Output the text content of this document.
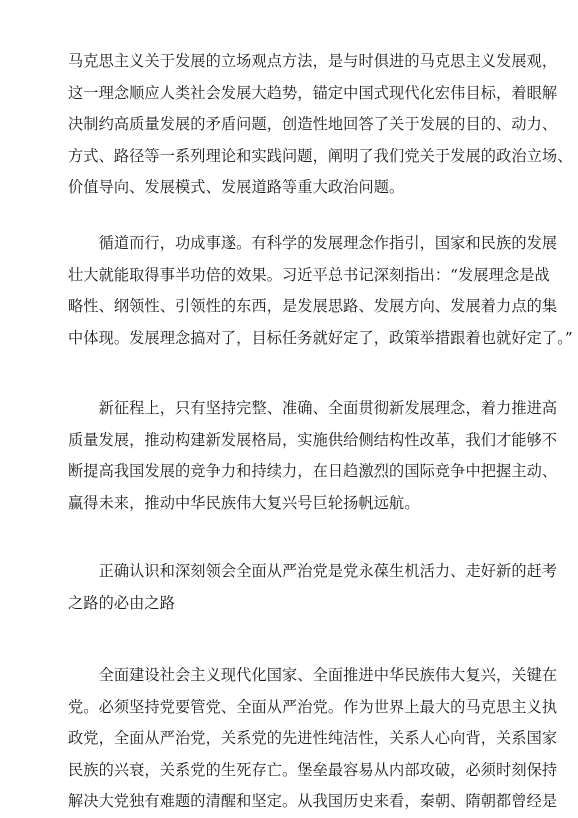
马克思主义关于发展的立场观点方法，是与时俱进的马克思主义发展观，
这一理念顺应人类社会发展大趋势，锚定中国式现代化宏伟目标，着眼解
决制约高质量发展的矛盾问题，创造性地回答了关于发展的目的、动力、
方式、路径等一系列理论和实践问题，阐明了我们党关于发展的政治立场、
价值导向、发展模式、发展道路等重大政治问题。

　　循道而行，功成事遂。有科学的发展理念作指引，国家和民族的发展
壮大就能取得事半功倍的效果。习近平总书记深刻指出：“发展理念是战
略性、纲领性、引领性的东西，是发展思路、发展方向、发展着力点的集
中体现。发展理念搞对了，目标任务就好定了，政策举措跟着也就好定了。”

　　新征程上，只有坚持完整、准确、全面贯彻新发展理念，着力推进高
质量发展，推动构建新发展格局，实施供给侧结构性改革，我们才能够不
断提高我国发展的竞争力和持续力，在日趋激烈的国际竞争中把握主动、
赢得未来，推动中华民族伟大复兴号巨轮扬帆远航。

　　正确认识和深刻领会全面从严治党是党永葆生机活力、走好新的赶考
之路的必由之路

　　全面建设社会主义现代化国家、全面推进中华民族伟大复兴，关键在
党。必须坚持党要管党、全面从严治党。作为世界上最大的马克思主义执
政党，全面从严治党，关系党的先进性纯洁性，关系人心向背，关系国家
民族的兴衰，关系党的生死存亡。堡垒最容易从内部攻破，必须时刻保持
解决大党独有难题的清醒和坚定。从我国历史来看，秦朝、隋朝都曾经是
